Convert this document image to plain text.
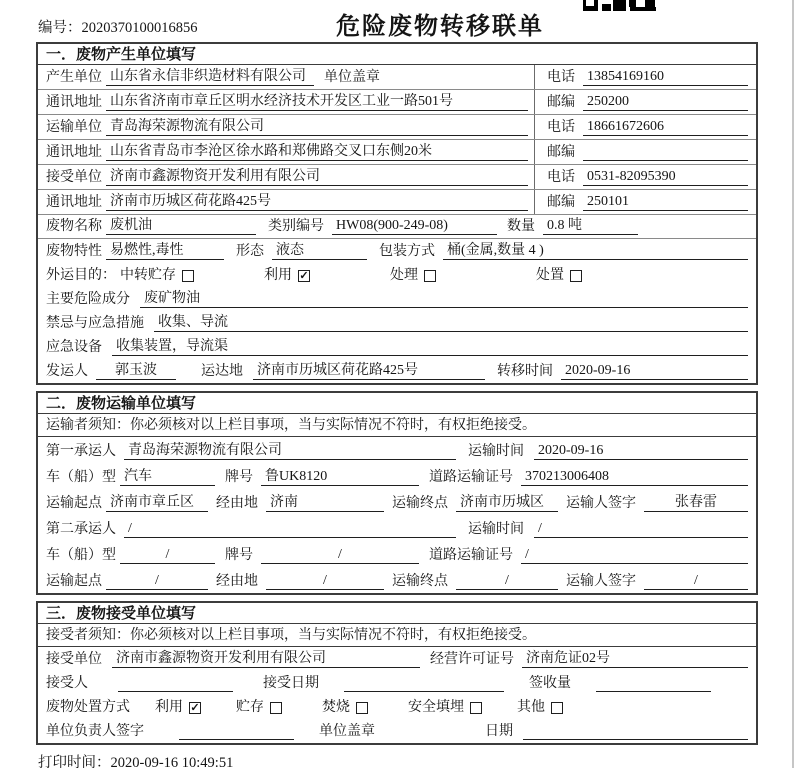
编号：2020370100016856	危险废物转移联单
一．废物产生单位填写
产生单位 山东省永信非织造材料有限公司	单位盖章	电话 13854169160
通讯地址 山东省济南市章丘区明水经济技术开发区工业一路501号	邮编 250200
运输单位 青岛海荣源物流有限公司	电话 18661672606
通讯地址 山东省青岛市李沧区徐水路和郑佛路交叉口东侧20米	邮编
接受单位 济南市鑫源物资开发利用有限公司	电话 0531-82095390
通讯地址 济南市历城区荷花路425号	邮编 250101
废物名称 废机油	类别编号 HW08(900-249-08)	数量 0.8 吨
废物特性 易燃性,毒性	形态 液态	包装方式 桶(金属,数量 4 )
外运目的： 中转贮存	利用 ✓	处理	处置
主要危险成分 废矿物油
禁忌与应急措施 收集、导流
应急设备 收集装置，导流渠
发运人	郭玉波	运达地 济南市历城区荷花路425号	转移时间 2020-09-16
二．废物运输单位填写
运输者须知：你必须核对以上栏目事项，当与实际情况不符时，有权拒绝接受。
第一承运人 青岛海荣源物流有限公司	运输时间 2020-09-16
车（船）型 汽车	牌号 鲁UK8120	道路运输证号 370213006408
运输起点 济南市章丘区	经由地 济南	运输终点 济南市历城区	运输人签字	张春雷
第二承运人 /	运输时间 /
车（船）型	/	牌号	/	道路运输证号 /
运输起点	/	经由地	/	运输终点	/	运输人签字	/
三．废物接受单位填写
接受者须知：你必须核对以上栏目事项，当与实际情况不符时，有权拒绝接受。
接受单位 济南市鑫源物资开发利用有限公司	经营许可证号 济南危证02号
接受人	接受日期	签收量
废物处置方式 利用 ✓	贮存	焚烧	安全填埋	其他
单位负责人签字	单位盖章	日期
打印时间：2020-09-16 10:49:51
